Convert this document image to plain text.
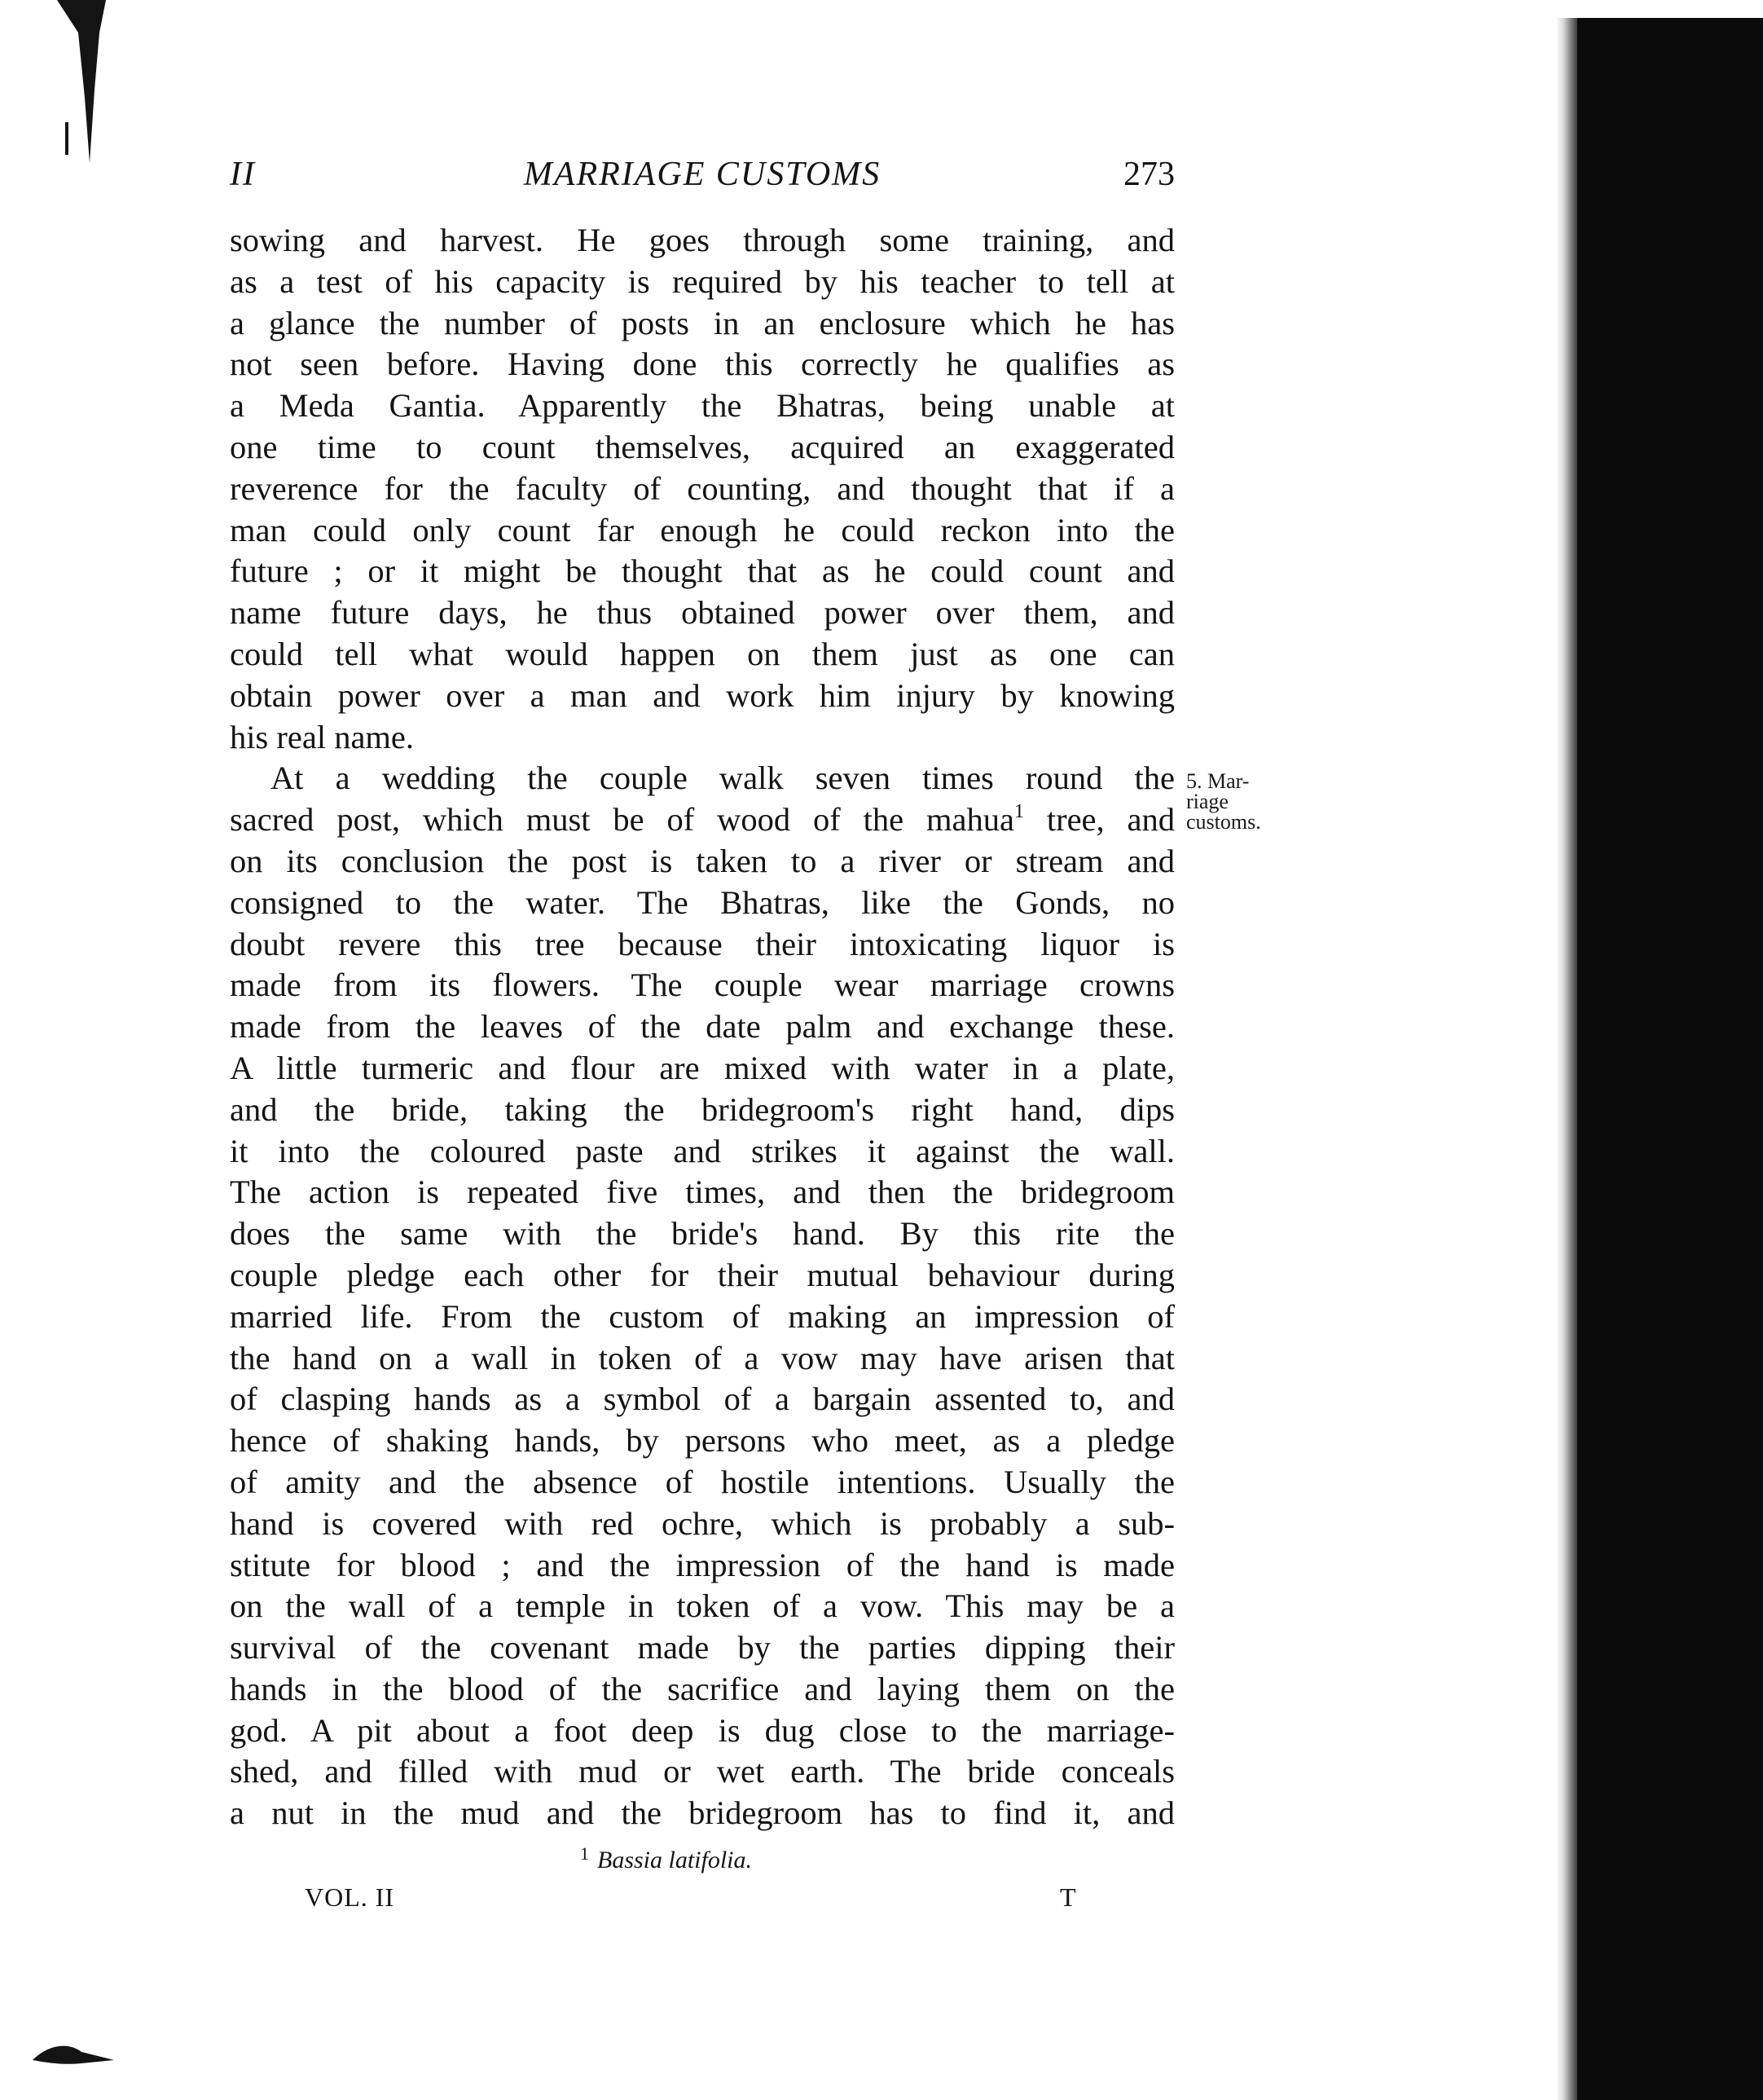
II	MARRIAGE CUSTOMS	273
sowing and harvest. He goes through some training, and
as a test of his capacity is required by his teacher to tell at
a glance the number of posts in an enclosure which he has
not seen before. Having done this correctly he qualifies as
a Meda Gantia. Apparently the Bhatras, being unable at
one time to count themselves, acquired an exaggerated
reverence for the faculty of counting, and thought that if a
man could only count far enough he could reckon into the
future ; or it might be thought that as he could count and
name future days, he thus obtained power over them, and
could tell what would happen on them just as one can
obtain power over a man and work him injury by knowing
his real name.
At a wedding the couple walk seven times round the
sacred post, which must be of wood of the mahua$^1$ tree, and
on its conclusion the post is taken to a river or stream and
consigned to the water. The Bhatras, like the Gonds, no
doubt revere this tree because their intoxicating liquor is
made from its flowers. The couple wear marriage crowns
made from the leaves of the date palm and exchange these.
A little turmeric and flour are mixed with water in a plate,
and the bride, taking the bridegroom's right hand, dips
it into the coloured paste and strikes it against the wall.
The action is repeated five times, and then the bridegroom
does the same with the bride's hand. By this rite the
couple pledge each other for their mutual behaviour during
married life. From the custom of making an impression of
the hand on a wall in token of a vow may have arisen that
of clasping hands as a symbol of a bargain assented to, and
hence of shaking hands, by persons who meet, as a pledge
of amity and the absence of hostile intentions. Usually the
hand is covered with red ochre, which is probably a sub-
stitute for blood ; and the impression of the hand is made
on the wall of a temple in token of a vow. This may be a
survival of the covenant made by the parties dipping their
hands in the blood of the sacrifice and laying them on the
god. A pit about a foot deep is dug close to the marriage-
shed, and filled with mud or wet earth. The bride conceals
a nut in the mud and the bridegroom has to find it, and
5. Mar-
riage
customs.
$^1$ Bassia latifolia.
VOL. II	T
